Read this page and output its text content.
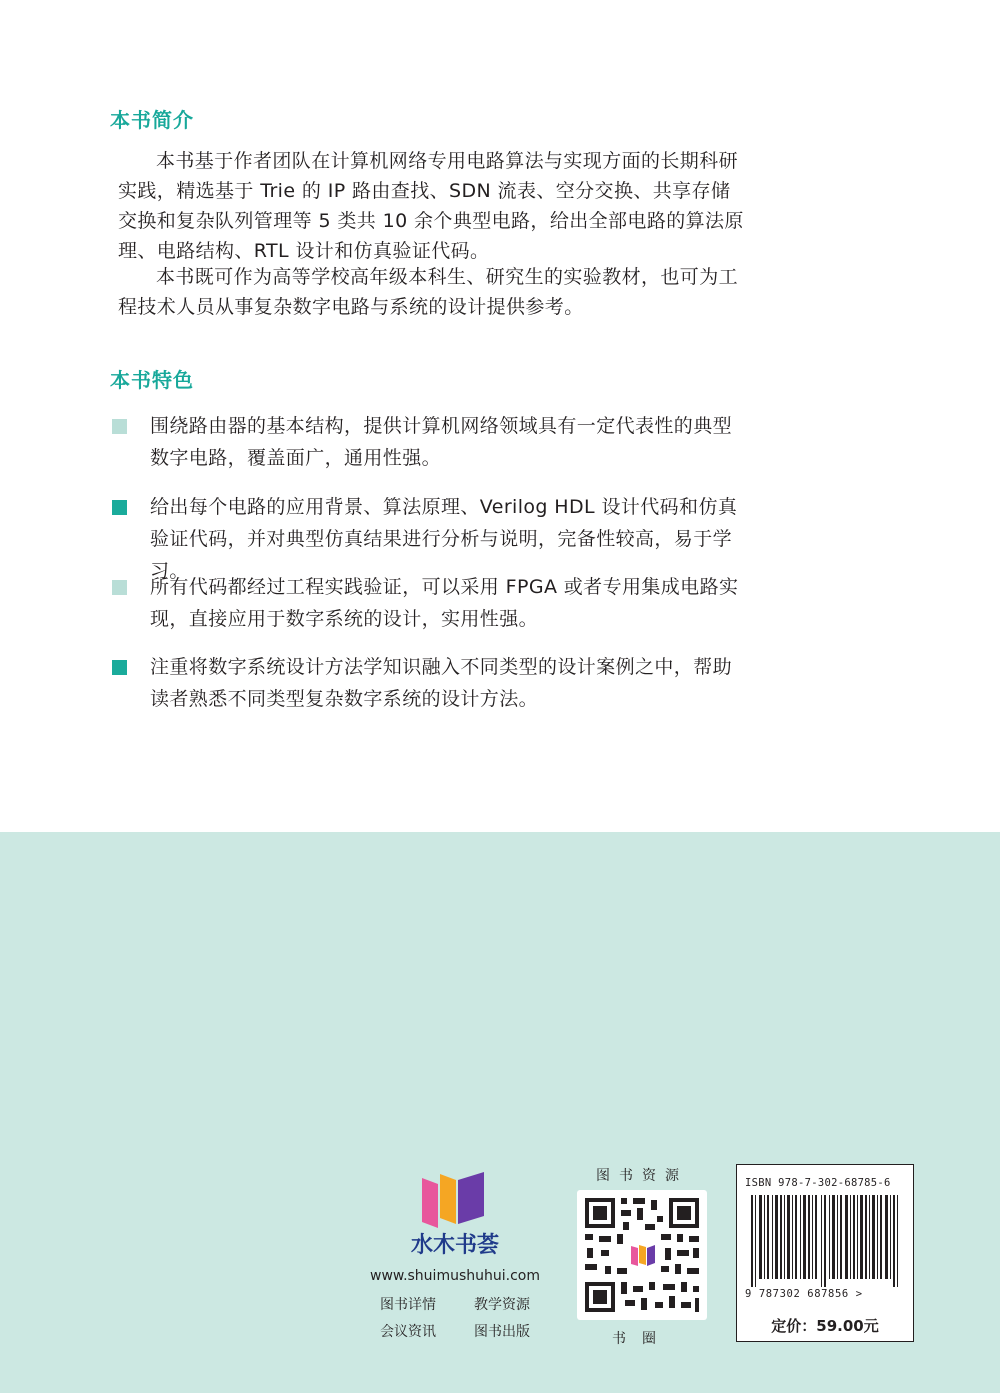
本书简介

本书基于作者团队在计算机网络专用电路算法与实现方面的长期科研实践，精选基于 Trie 的 IP 路由查找、SDN 流表、空分交换、共享存储交换和复杂队列管理等 5 类共 10 余个典型电路，给出全部电路的算法原理、电路结构、RTL 设计和仿真验证代码。

本书既可作为高等学校高年级本科生、研究生的实验教材，也可为工程技术人员从事复杂数字电路与系统的设计提供参考。

本书特色

围绕路由器的基本结构，提供计算机网络领域具有一定代表性的典型数字电路，覆盖面广，通用性强。

给出每个电路的应用背景、算法原理、Verilog HDL 设计代码和仿真验证代码，并对典型仿真结果进行分析与说明，完备性较高，易于学习。

所有代码都经过工程实践验证，可以采用 FPGA 或者专用集成电路实现，直接应用于数字系统的设计，实用性强。

注重将数字系统设计方法学知识融入不同类型的设计案例之中，帮助读者熟悉不同类型复杂数字系统的设计方法。

水木书荟
www.shuimushuhui.com
图书详情	教学资源
会议资讯	图书出版
图书资源
书圈
ISBN 978-7-302-68785-6
9 787302 687856 >
定价：59.00元
